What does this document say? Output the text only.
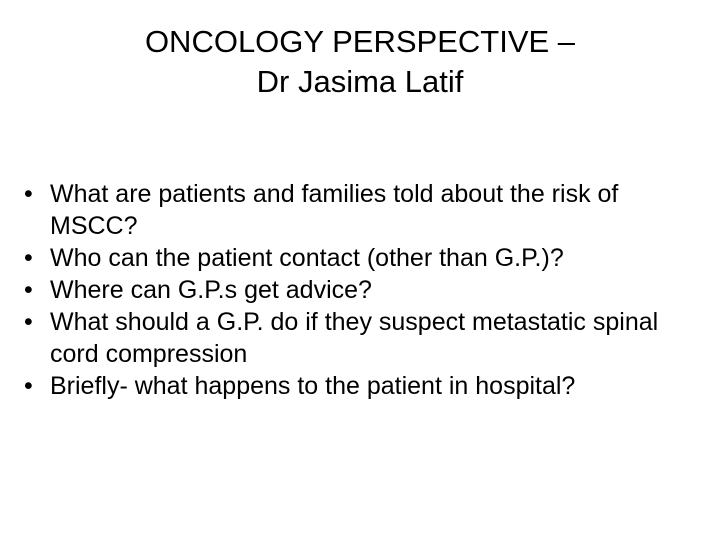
ONCOLOGY PERSPECTIVE –
Dr Jasima Latif
• What are patients and families told about the risk of MSCC?
• Who can the patient contact (other than G.P.)?
• Where can G.P.s get advice?
• What should a G.P. do if they suspect metastatic spinal cord compression
• Briefly- what happens to the patient in hospital?
